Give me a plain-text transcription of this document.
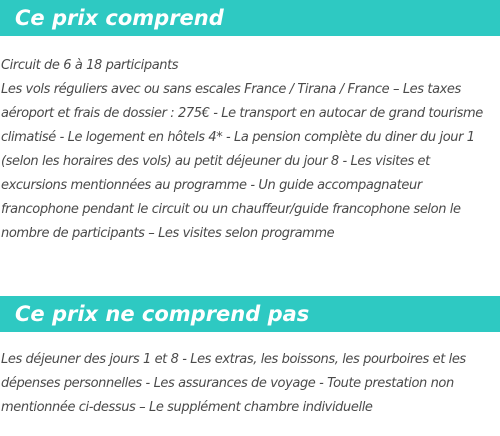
Ce prix comprend

Circuit de 6 à 18 participants

Les vols réguliers avec ou sans escales France / Tirana / France – Les taxes aéroport et frais de dossier : 275€ - Le transport en autocar de grand tourisme climatisé - Le logement en hôtels 4* - La pension complète du diner du jour 1 (selon les horaires des vols) au petit déjeuner du jour 8 - Les visites et excursions mentionnées au programme - Un guide accompagnateur francophone pendant le circuit ou un chauffeur/guide francophone selon le nombre de participants – Les visites selon programme

Ce prix ne comprend pas

Les déjeuner des jours 1 et 8 - Les extras, les boissons, les pourboires et les dépenses personnelles - Les assurances de voyage - Toute prestation non mentionnée ci-dessus – Le supplément chambre individuelle
